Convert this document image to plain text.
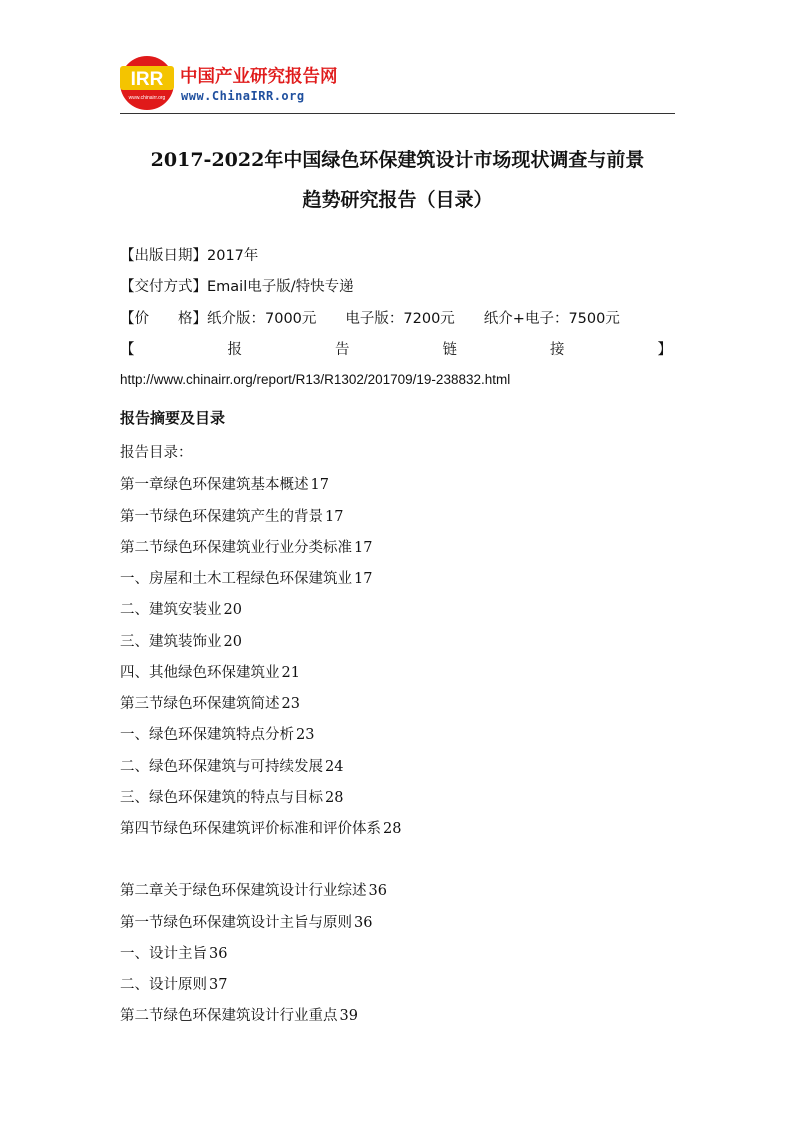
IRR
www.chinairr.org
中国产业研究报告网
www.ChinaIRR.org
2017-2022年中国绿色环保建筑设计市场现状调查与前景
趋势研究报告（目录）
【出版日期】2017年
【交付方式】Email电子版/特快专递
【价　　格】纸介版：7000元　　电子版：7200元　　纸介+电子：7500元
【	报	告	链	接	】
http://www.chinairr.org/report/R13/R1302/201709/19-238832.html
报告摘要及目录
报告目录：
第一章绿色环保建筑基本概述 17
第一节绿色环保建筑产生的背景 17
第二节绿色环保建筑业行业分类标准 17
一、房屋和土木工程绿色环保建筑业 17
二、建筑安装业 20
三、建筑装饰业 20
四、其他绿色环保建筑业 21
第三节绿色环保建筑简述 23
一、绿色环保建筑特点分析 23
二、绿色环保建筑与可持续发展 24
三、绿色环保建筑的特点与目标 28
第四节绿色环保建筑评价标准和评价体系 28
第二章关于绿色环保建筑设计行业综述 36
第一节绿色环保建筑设计主旨与原则 36
一、设计主旨 36
二、设计原则 37
第二节绿色环保建筑设计行业重点 39
